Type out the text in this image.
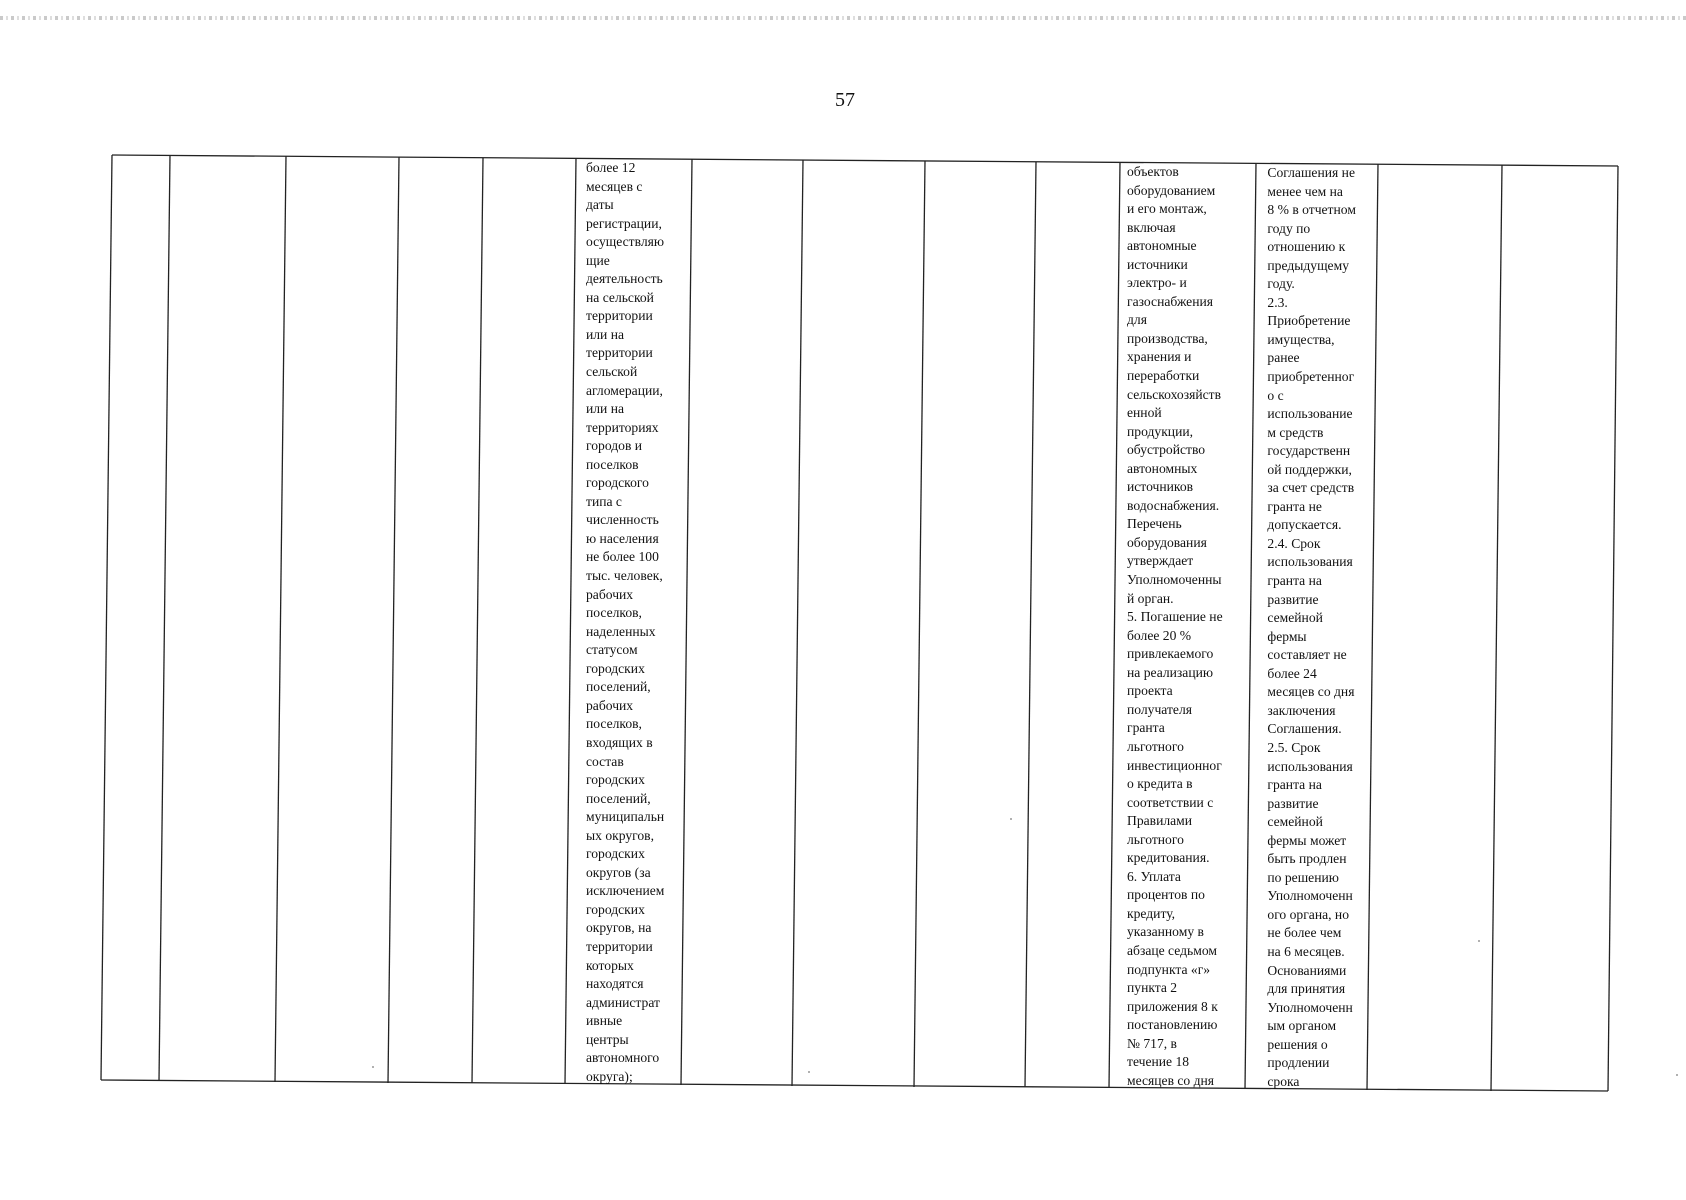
57
более 12
месяцев с
даты
регистрации,
осуществляю
щие
деятельность
на сельской
территории
или на
территории
сельской
агломерации,
или на
территориях
городов и
поселков
городского
типа с
численность
ю населения
не более 100
тыс. человек,
рабочих
поселков,
наделенных
статусом
городских
поселений,
рабочих
поселков,
входящих в
состав
городских
поселений,
муниципальн
ых округов,
городских
округов (за
исключением
городских
округов, на
территории
которых
находятся
администрат
ивные
центры
автономного
округа);
объектов
оборудованием
и его монтаж,
включая
автономные
источники
электро- и
газоснабжения
для
производства,
хранения и
переработки
сельскохозяйств
енной
продукции,
обустройство
автономных
источников
водоснабжения.
Перечень
оборудования
утверждает
Уполномоченны
й орган.
5. Погашение не
более 20 %
привлекаемого
на реализацию
проекта
получателя
гранта
льготного
инвестиционног
о кредита в
соответствии с
Правилами
льготного
кредитования.
6. Уплата
процентов по
кредиту,
указанному в
абзаце седьмом
подпункта «г»
пункта 2
приложения 8 к
постановлению
№ 717, в
течение 18
месяцев со дня
Соглашения не
менее чем на
8 % в отчетном
году по
отношению к
предыдущему
году.
2.3.
Приобретение
имущества,
ранее
приобретенног
о с
использование
м средств
государственн
ой поддержки,
за счет средств
гранта не
допускается.
2.4. Срок
использования
гранта на
развитие
семейной
фермы
составляет не
более 24
месяцев со дня
заключения
Соглашения.
2.5. Срок
использования
гранта на
развитие
семейной
фермы может
быть продлен
по решению
Уполномоченн
ого органа, но
не более чем
на 6 месяцев.
Основаниями
для принятия
Уполномоченн
ым органом
решения о
продлении
срока
